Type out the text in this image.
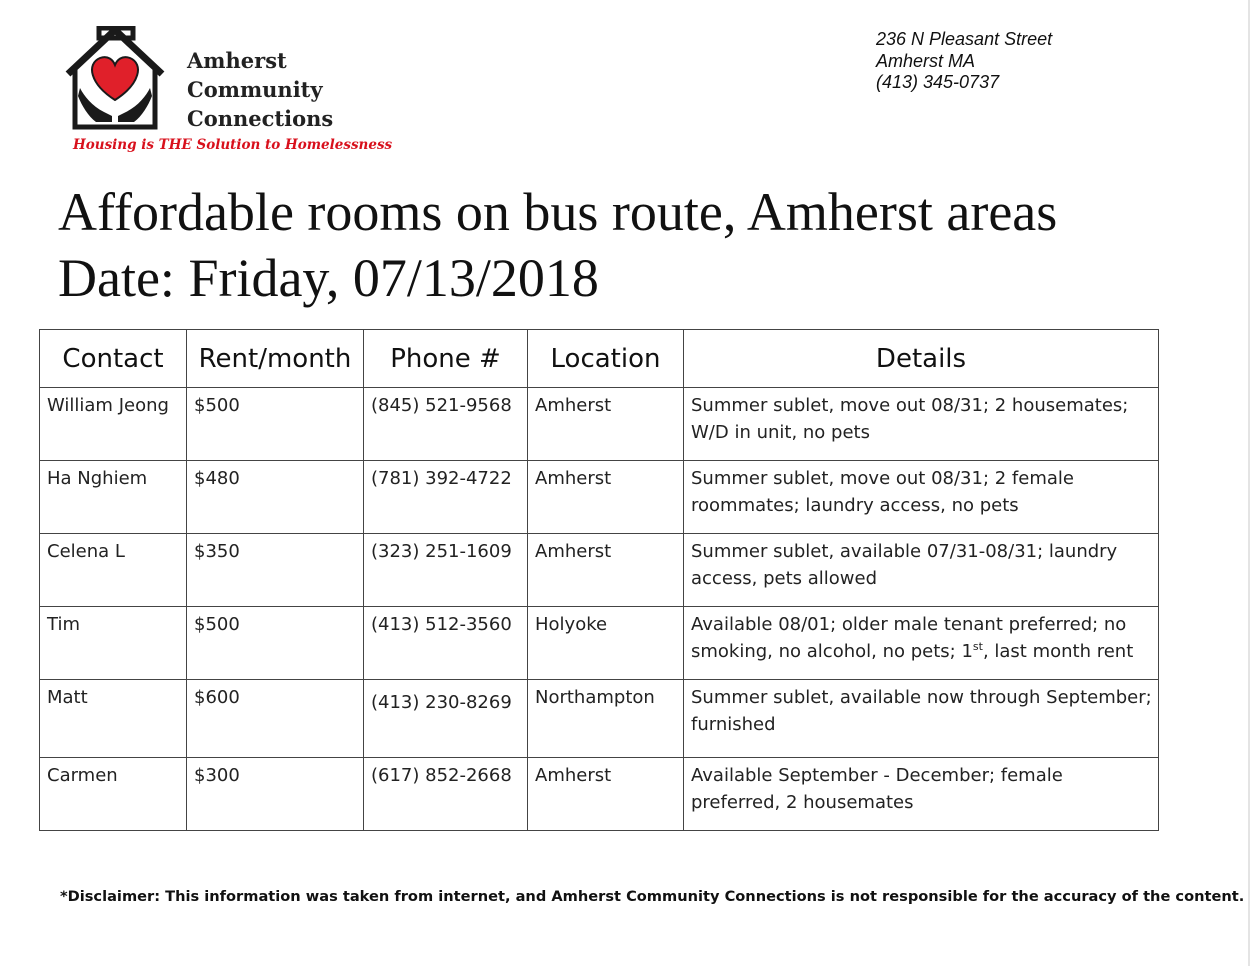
Amherst
Community
Connections
Housing is THE Solution to Homelessness
236 N Pleasant Street
Amherst MA
(413) 345-0737
Affordable rooms on bus route, Amherst areas
Date: Friday, 07/13/2018
Contact	Rent/month	Phone #	Location	Details
William Jeong	$500	(845) 521-9568	Amherst	Summer sublet, move out 08/31; 2 housemates; W/D in unit, no pets
Ha Nghiem	$480	(781) 392-4722	Amherst	Summer sublet, move out 08/31; 2 female roommates; laundry access, no pets
Celena L	$350	(323) 251-1609	Amherst	Summer sublet, available 07/31-08/31; laundry access, pets allowed
Tim	$500	(413) 512-3560	Holyoke	Available 08/01; older male tenant preferred; no smoking, no alcohol, no pets; 1st, last month rent
Matt	$600	(413) 230-8269	Northampton	Summer sublet, available now through September; furnished
Carmen	$300	(617) 852-2668	Amherst	Available September - December; female preferred, 2 housemates
*Disclaimer: This information was taken from internet, and Amherst Community Connections is not responsible for the accuracy of the content.
